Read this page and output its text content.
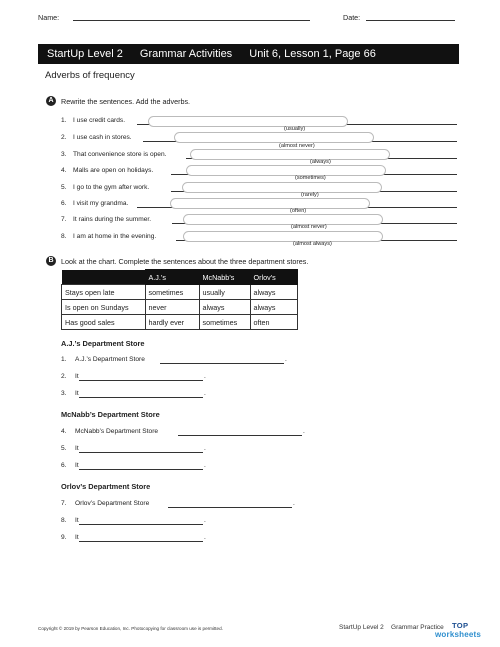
Name:	Date:
StartUp Level 2 Grammar Activities Unit 6, Lesson 1, Page 66
Adverbs of frequency
A	Rewrite the sentences. Add the adverbs.
1. I use credit cards.
(usually)
2. I use cash in stores.
(almost never)
3. That convenience store is open.
(always)
4. Malls are open on holidays.
(sometimes)
5. I go to the gym after work.
(rarely)
6. I visit my grandma.
(often)
7. It rains during the summer.
(almost never)
8. I am at home in the evening.
(almost always)
B	Look at the chart. Complete the sentences about the three department stores.
	A.J.’s	McNabb’s	Orlov’s
Stays open late	sometimes	usually	always
Is open on Sundays	never	always	always
Has good sales	hardly ever	sometimes	often
A.J.’s Department Store
1. A.J.’s Department Store	.
2. It	.
3. It	.
McNabb’s Department Store
4. McNabb’s Department Store	.
5. It	.
6. It	.
Orlov’s Department Store
7. Orlov’s Department Store	.
8. It	.
9. It	.
Copyright © 2019 by Pearson Education, Inc. Photocopying for classroom use is permitted.	StartUp Level 2 Grammar Practice TOP
worksheets
